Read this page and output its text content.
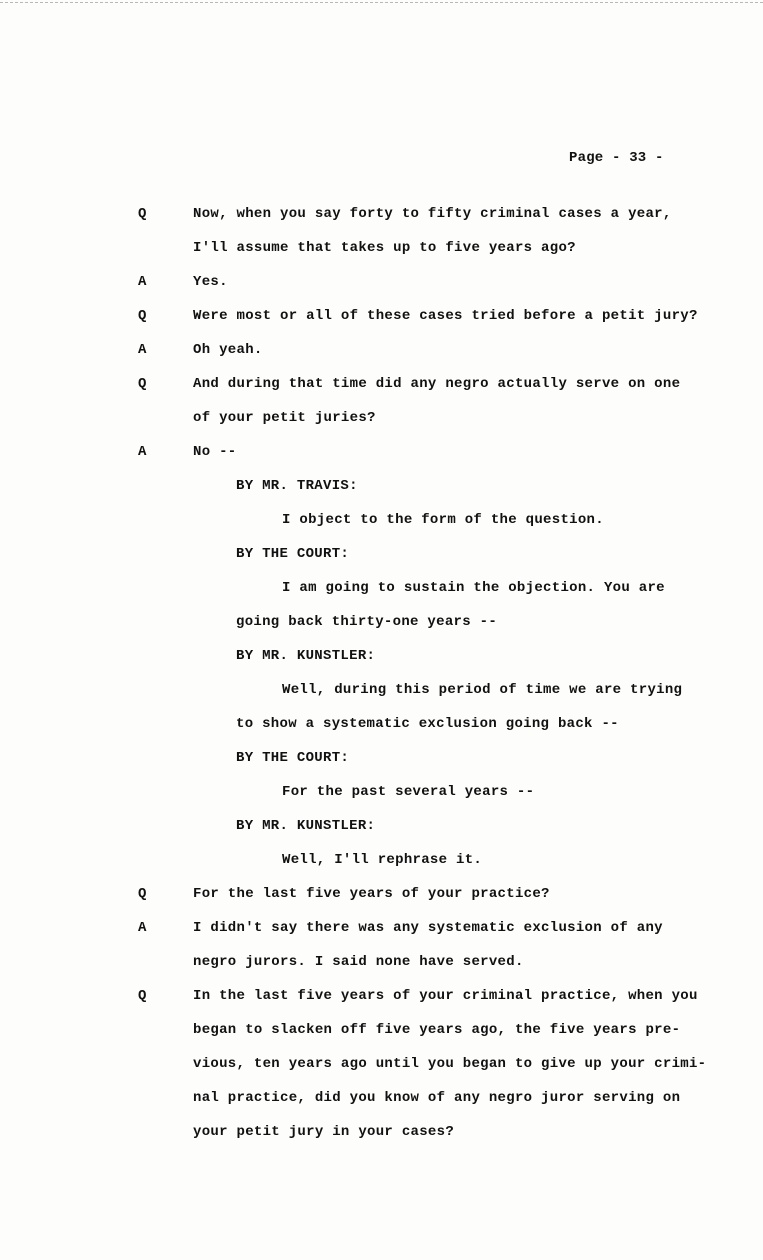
Page - 33 -
Q	Now, when you say forty to fifty criminal cases a year,
I'll assume that takes up to five years ago?
A	Yes.
Q	Were most or all of these cases tried before a petit jury?
A	Oh yeah.
Q	And during that time did any negro actually serve on one
of your petit juries?
A	No --
BY MR. TRAVIS:
I object to the form of the question.
BY THE COURT:
I am going to sustain the objection. You are
going back thirty-one years --
BY MR. KUNSTLER:
Well, during this period of time we are trying
to show a systematic exclusion going back --
BY THE COURT:
For the past several years --
BY MR. KUNSTLER:
Well, I'll rephrase it.
Q	For the last five years of your practice?
A	I didn't say there was any systematic exclusion of any
negro jurors. I said none have served.
Q	In the last five years of your criminal practice, when you
began to slacken off five years ago, the five years pre-
vious, ten years ago until you began to give up your crimi-
nal practice, did you know of any negro juror serving on
your petit jury in your cases?
